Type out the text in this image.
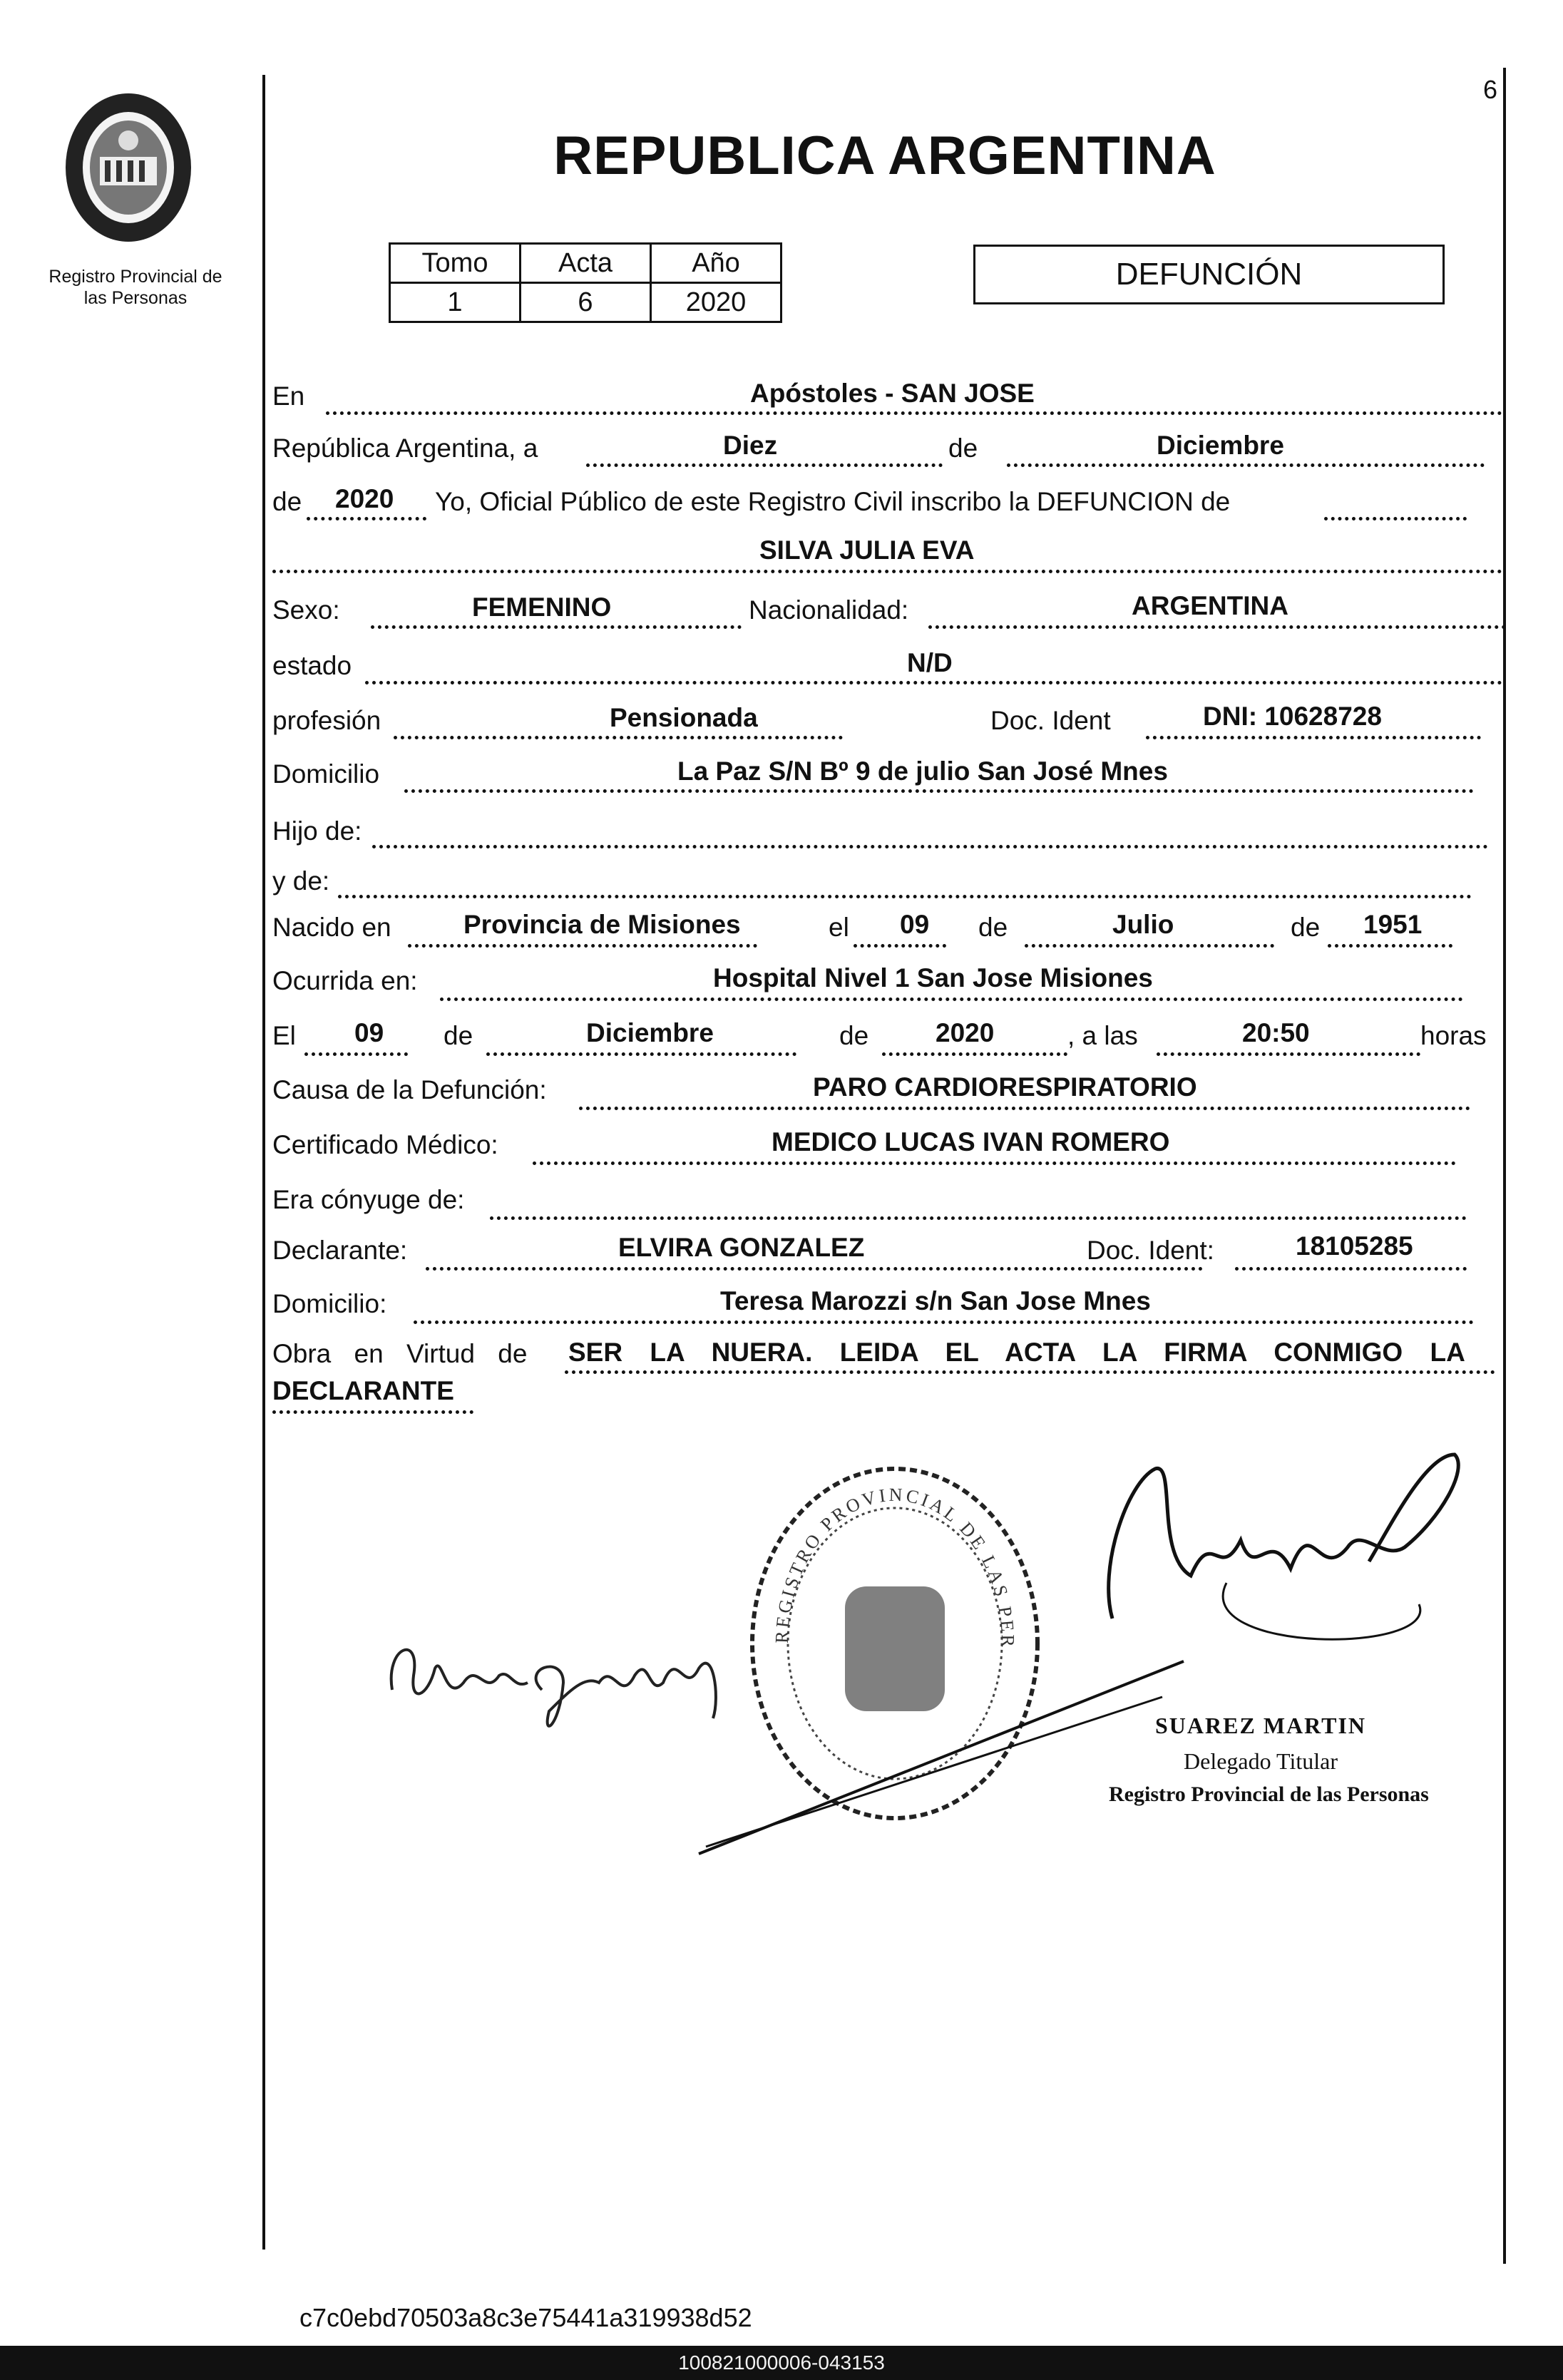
6
Registro Provincial de
las Personas
REPUBLICA ARGENTINA
Tomo	Acta	Año
1	6	2020
DEFUNCIÓN
En	Apóstoles - SAN JOSE
República Argentina, a	Diez	de	Diciembre
de 2020 Yo, Oficial Público de este Registro Civil inscribo la DEFUNCION de
SILVA JULIA EVA
Sexo:	FEMENINO	Nacionalidad:	ARGENTINA
estado	N/D
profesión	Pensionada	Doc. Ident	DNI: 10628728
Domicilio	La Paz S/N Bº 9 de julio San José Mnes
Hijo de:
y de:
Nacido en	Provincia de Misiones	el 09 de	Julio	de 1951
Ocurrida en:	Hospital Nivel 1 San Jose Misiones
El 09 de	Diciembre	de	2020	, a las	20:50	horas
Causa de la Defunción:	PARO CARDIORESPIRATORIO
Certificado Médico:	MEDICO LUCAS IVAN ROMERO
Era cónyuge de:
Declarante:	ELVIRA GONZALEZ	Doc. Ident:	18105285
Domicilio:	Teresa Marozzi s/n San Jose Mnes
Obra en Virtud de SER LA NUERA. LEIDA EL ACTA LA FIRMA CONMIGO LA
DECLARANTE
REGISTRO PROVINCIAL DE LAS PER
SUAREZ MARTIN
Delegado Titular
Registro Provincial de las Personas
c7c0ebd70503a8c3e75441a319938d52
100821000006-043153
